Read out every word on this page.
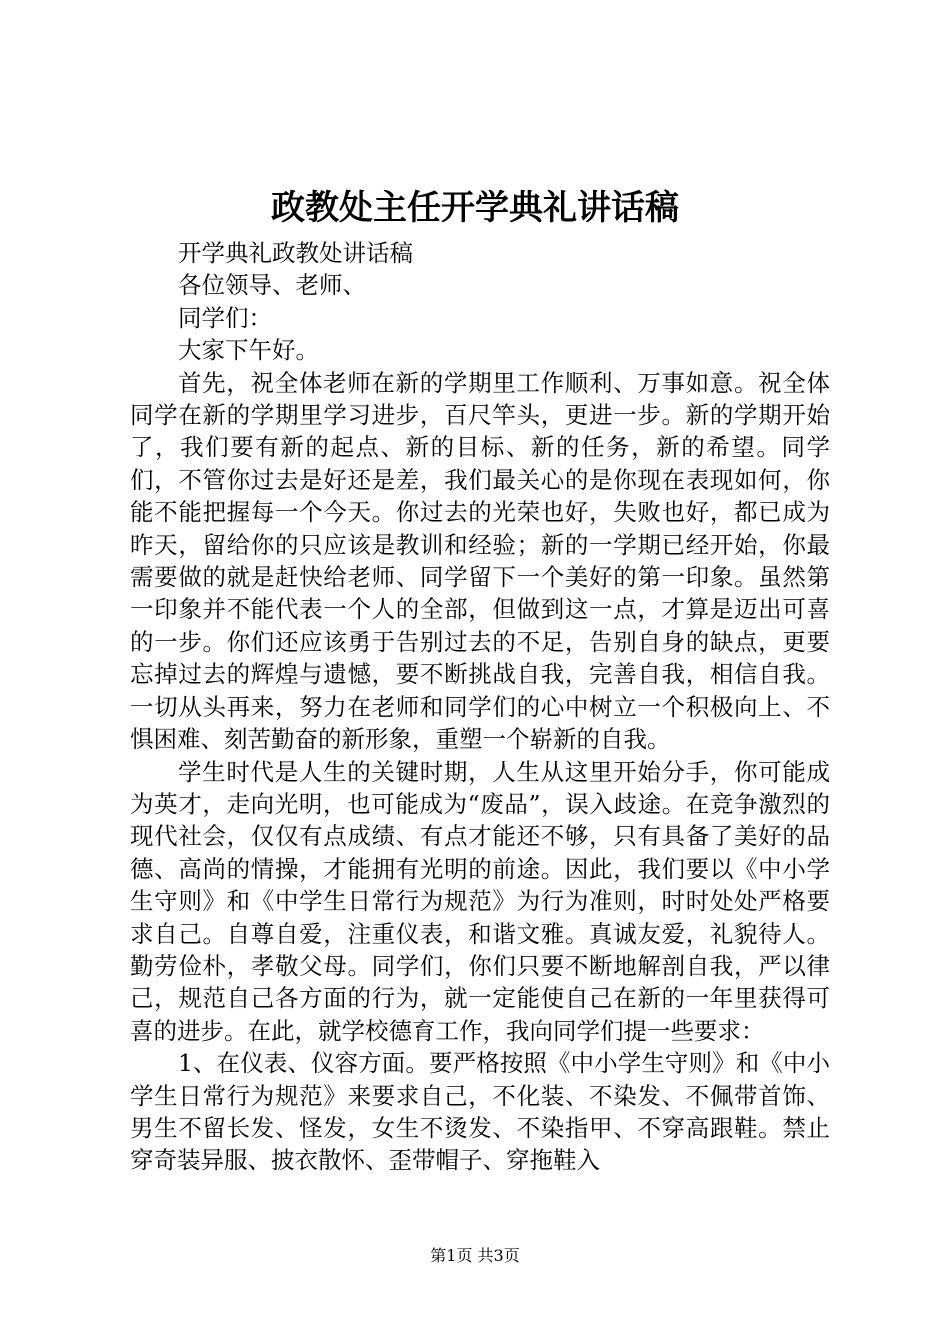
政教处主任开学典礼讲话稿

开学典礼政教处讲话稿

各位领导、老师、

同学们：

大家下午好。

首先，祝全体老师在新的学期里工作顺利、万事如意。祝全体同学在新的学期里学习进步，百尺竿头，更进一步。新的学期开始了，我们要有新的起点、新的目标、新的任务，新的希望。同学们，不管你过去是好还是差，我们最关心的是你现在表现如何，你能不能把握每一个今天。你过去的光荣也好，失败也好，都已成为昨天，留给你的只应该是教训和经验；新的一学期已经开始，你最需要做的就是赶快给老师、同学留下一个美好的第一印象。虽然第一印象并不能代表一个人的全部，但做到这一点，才算是迈出可喜的一步。你们还应该勇于告别过去的不足，告别自身的缺点，更要忘掉过去的辉煌与遗憾，要不断挑战自我，完善自我，相信自我。一切从头再来，努力在老师和同学们的心中树立一个积极向上、不惧困难、刻苦勤奋的新形象，重塑一个崭新的自我。

学生时代是人生的关键时期，人生从这里开始分手，你可能成为英才，走向光明，也可能成为“废品”，误入歧途。在竞争激烈的现代社会，仅仅有点成绩、有点才能还不够，只有具备了美好的品德、高尚的情操，才能拥有光明的前途。因此，我们要以《中小学生守则》和《中学生日常行为规范》为行为准则，时时处处严格要求自己。自尊自爱，注重仪表，和谐文雅。真诚友爱，礼貌待人。勤劳俭朴，孝敬父母。同学们，你们只要不断地解剖自我，严以律己，规范自己各方面的行为，就一定能使自己在新的一年里获得可喜的进步。在此，就学校德育工作，我向同学们提一些要求：

1、在仪表、仪容方面。要严格按照《中小学生守则》和《中小学生日常行为规范》来要求自己，不化装、不染发、不佩带首饰、男生不留长发、怪发，女生不烫发、不染指甲、不穿高跟鞋。禁止穿奇装异服、披衣散怀、歪带帽子、穿拖鞋入

第1页 共3页
